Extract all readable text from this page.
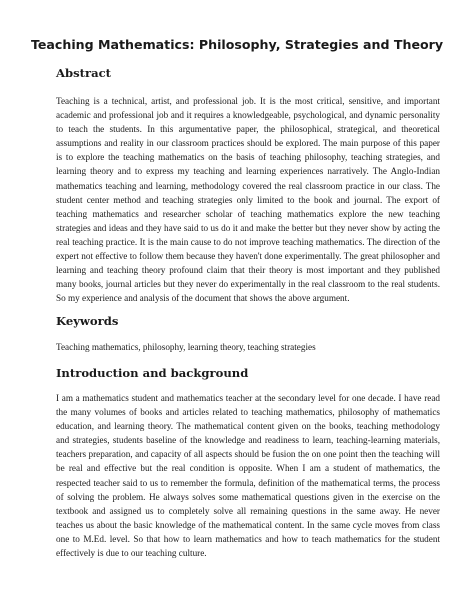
Teaching Mathematics: Philosophy, Strategies and Theory
Abstract

Teaching is a technical, artist, and professional job. It is the most critical, sensitive, and important academic and professional job and it requires a knowledgeable, psychological, and dynamic personality to teach the students. In this argumentative paper, the philosophical, strategical, and theoretical assumptions and reality in our classroom practices should be explored. The main purpose of this paper is to explore the teaching mathematics on the basis of teaching philosophy, teaching strategies, and learning theory and to express my teaching and learning experiences narratively. The Anglo-Indian mathematics teaching and learning, methodology covered the real classroom practice in our class. The student center method and teaching strategies only limited to the book and journal. The export of teaching mathematics and researcher scholar of teaching mathematics explore the new teaching strategies and ideas and they have said to us do it and make the better but they never show by acting the real teaching practice. It is the main cause to do not improve teaching mathematics. The direction of the expert not effective to follow them because they haven't done experimentally. The great philosopher and learning and teaching theory profound claim that their theory is most important and they published many books, journal articles but they never do experimentally in the real classroom to the real students. So my experience and analysis of the document that shows the above argument.

Keywords

Teaching mathematics, philosophy, learning theory, teaching strategies

Introduction and background

I am a mathematics student and mathematics teacher at the secondary level for one decade. I have read the many volumes of books and articles related to teaching mathematics, philosophy of mathematics education, and learning theory. The mathematical content given on the books, teaching methodology and strategies, students baseline of the knowledge and readiness to learn, teaching-learning materials, teachers preparation, and capacity of all aspects should be fusion the on one point then the teaching will be real and effective but the real condition is opposite. When I am a student of mathematics, the respected teacher said to us to remember the formula, definition of the mathematical terms, the process of solving the problem. He always solves some mathematical questions given in the exercise on the textbook and assigned us to completely solve all remaining questions in the same away. He never teaches us about the basic knowledge of the mathematical content. In the same cycle moves from class one to M.Ed. level. So that how to learn mathematics and how to teach mathematics for the student effectively is due to our teaching culture.
